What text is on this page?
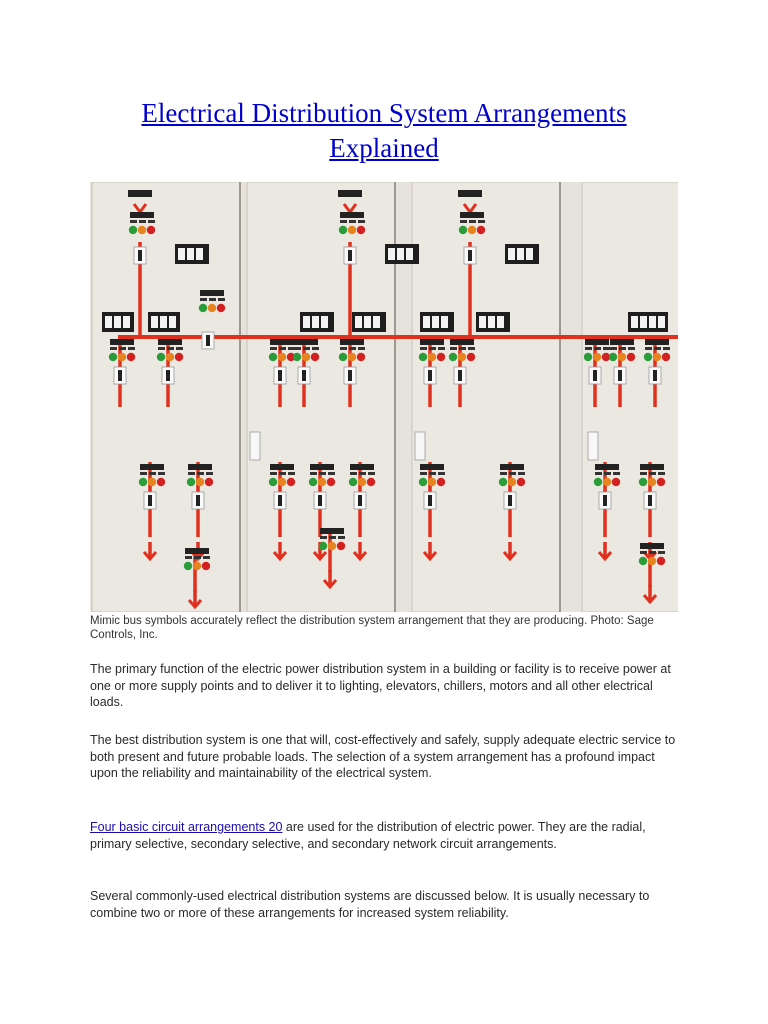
Electrical Distribution System Arrangements Explained
Mimic bus symbols accurately reflect the distribution system arrangement that they are producing. Photo: Sage Controls, Inc.

The primary function of the electric power distribution system in a building or facility is to receive power at one or more supply points and to deliver it to lighting, elevators, chillers, motors and all other electrical loads.

The best distribution system is one that will, cost-effectively and safely, supply adequate electric service to both present and future probable loads. The selection of a system arrangement has a profound impact upon the reliability and maintainability of the electrical system.

Four basic circuit arrangements 20 are used for the distribution of electric power. They are the radial, primary selective, secondary selective, and secondary network circuit arrangements.

Several commonly-used electrical distribution systems are discussed below. It is usually necessary to combine two or more of these arrangements for increased system reliability.
